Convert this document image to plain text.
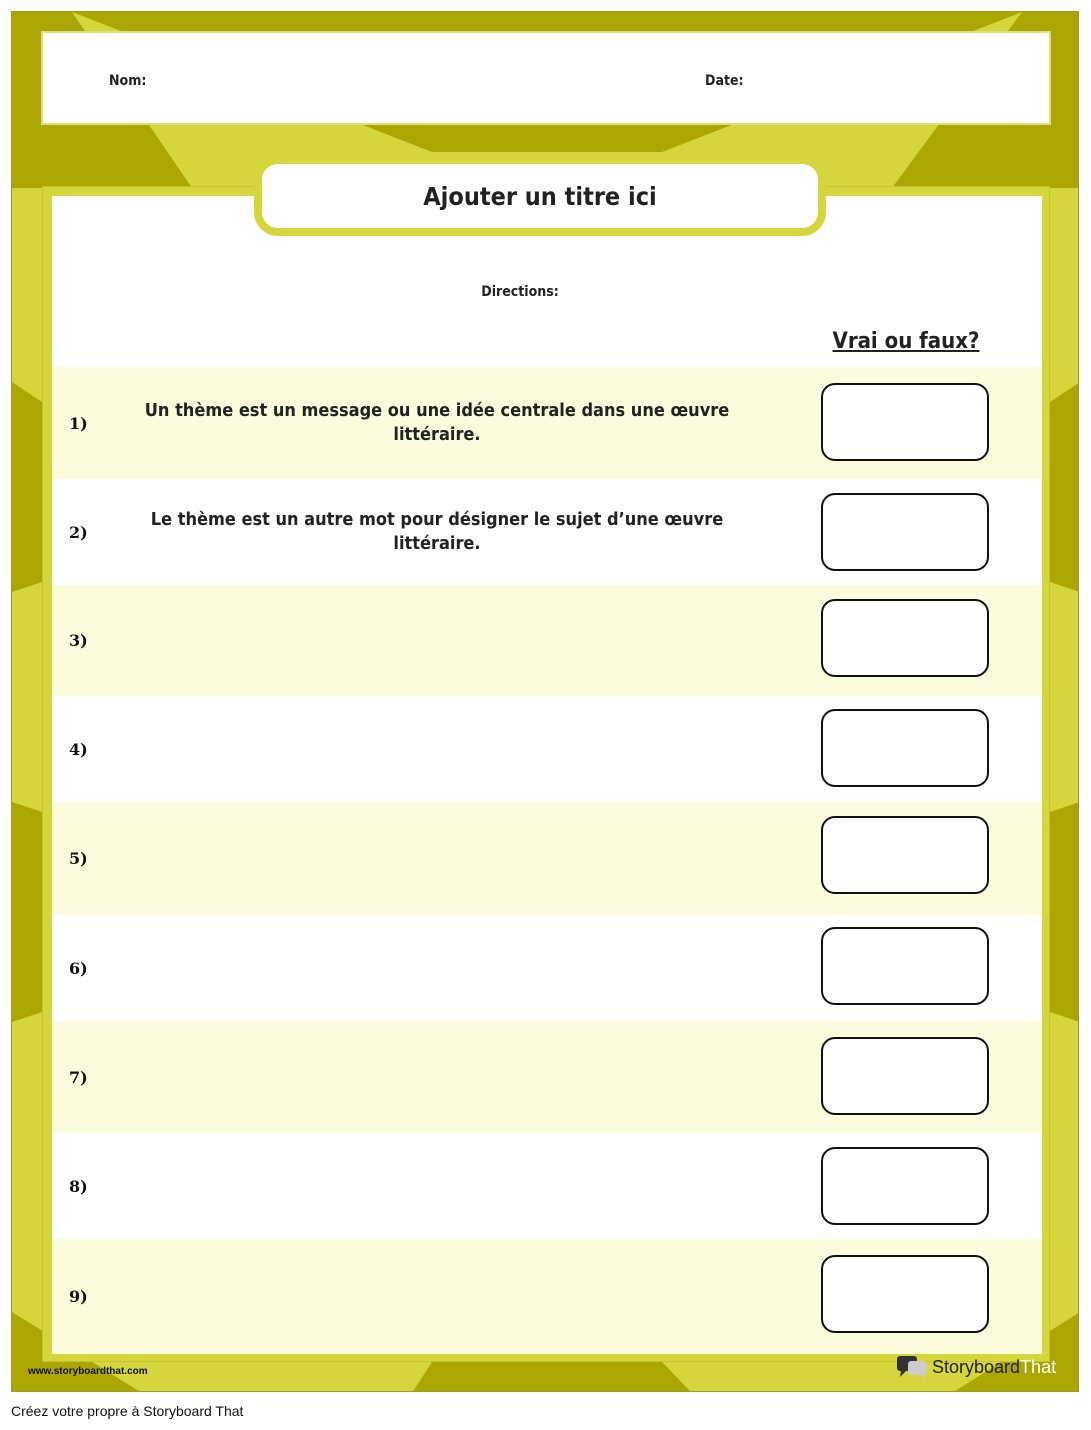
Nom:	Date:
Ajouter un titre ici
Directions:
Vrai ou faux?
1)
Un thème est un message ou une idée centrale dans une œuvre littéraire.
2)
Le thème est un autre mot pour désigner le sujet d’une œuvre littéraire.
3)
4)
5)
6)
7)
8)
9)
www.storyboardthat.com	StoryboardThat
Créez votre propre à Storyboard That
